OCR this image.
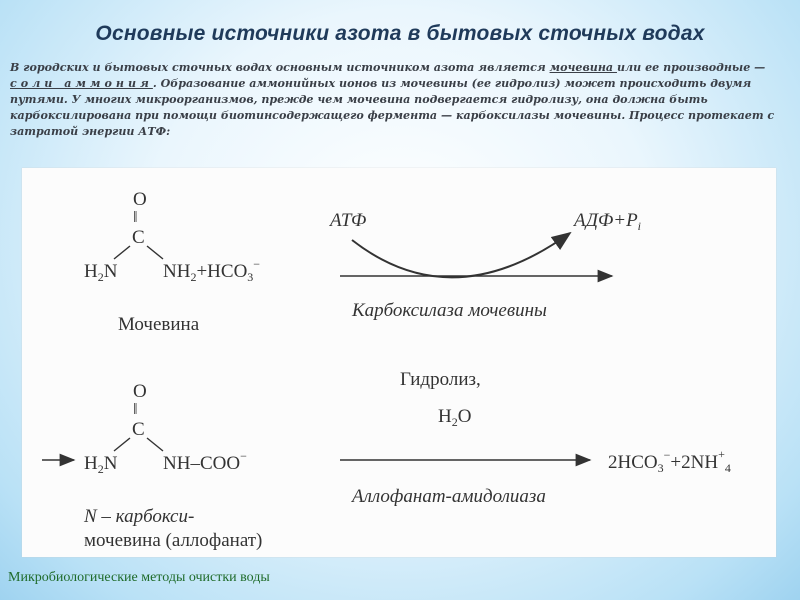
Основные источники азота в бытовых сточных водах
В городских и бытовых сточных водах основным источником азота является мочевина или ее производные — соли аммония. Образование аммонийных ионов из мочевины (ее гидролиз) может происходить двумя путями. У многих микроорганизмов, прежде чем мочевина подвергается гидролизу, она должна быть карбоксилирована при помощи биотинсодержащего фермента — карбоксилазы мочевины. Процесс протекает с затратой энергии АТФ:
O
‖
C
$H_2N$ $NH_2+HCO_3^-$
Мочевина
АТФ	$АДФ+P_i$
Карбоксилаза мочевины
O
‖
C
$H_2N$ NH–COO−
N – карбокси-
мочевина (аллофанат)
Гидролиз,
$H_2O$
$2HCO_3^-+2NH^+_4$
Аллофанат-амидолиаза
Микробиологические методы очистки воды
